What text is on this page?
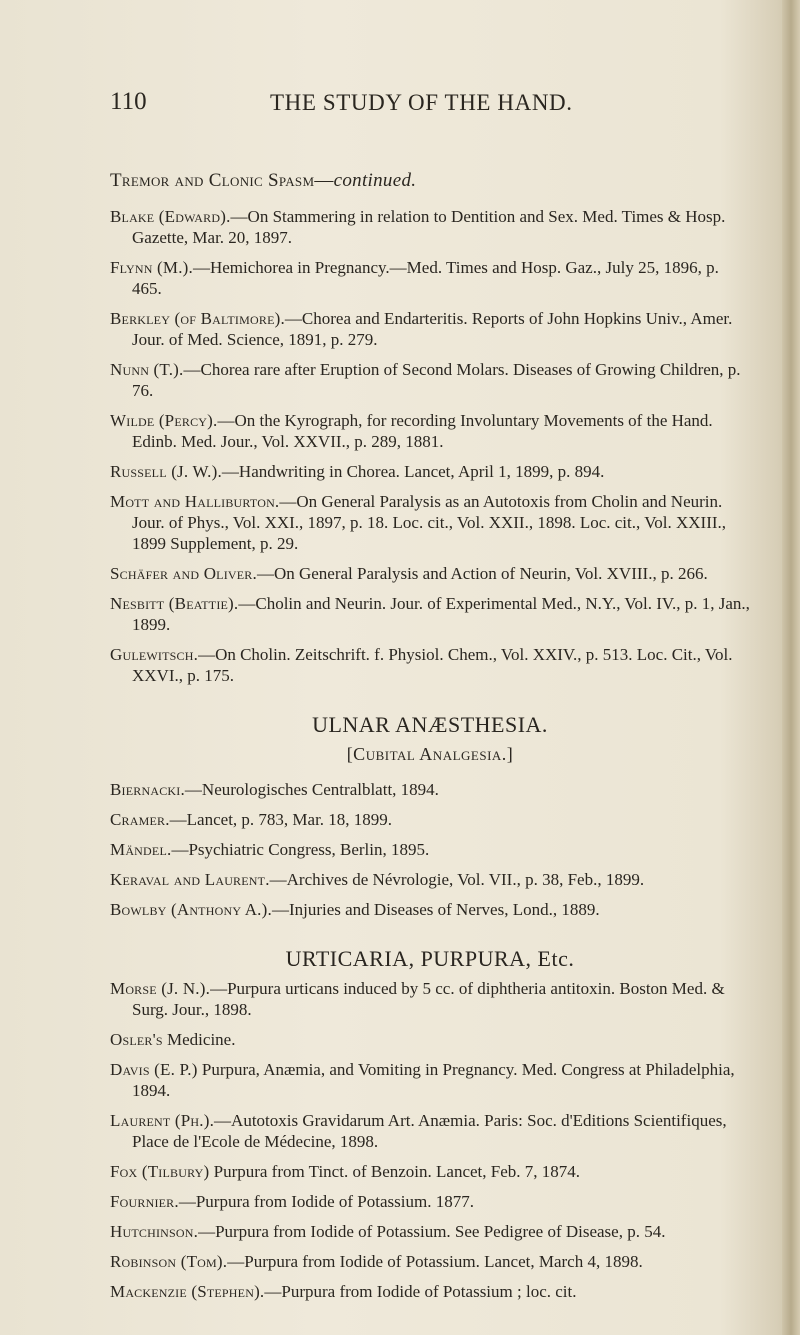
110	THE STUDY OF THE HAND.
Tremor and Clonic Spasm—continued.
Blake (Edward).—On Stammering in relation to Dentition and Sex. Med. Times & Hosp. Gazette, Mar. 20, 1897.
Flynn (M.).—Hemichorea in Pregnancy.—Med. Times and Hosp. Gaz., July 25, 1896, p. 465.
Berkley (of Baltimore).—Chorea and Endarteritis. Reports of John Hopkins Univ., Amer. Jour. of Med. Science, 1891, p. 279.
Nunn (T.).—Chorea rare after Eruption of Second Molars. Diseases of Growing Children, p. 76.
Wilde (Percy).—On the Kyrograph, for recording Involuntary Movements of the Hand. Edinb. Med. Jour., Vol. XXVII., p. 289, 1881.
Russell (J. W.).—Handwriting in Chorea. Lancet, April 1, 1899, p. 894.
Mott and Halliburton.—On General Paralysis as an Autotoxis from Cholin and Neurin. Jour. of Phys., Vol. XXI., 1897, p. 18. Loc. cit., Vol. XXII., 1898. Loc. cit., Vol. XXIII., 1899 Supplement, p. 29.
Schäfer and Oliver.—On General Paralysis and Action of Neurin, Vol. XVIII., p. 266.
Nesbitt (Beattie).—Cholin and Neurin. Jour. of Experimental Med., N.Y., Vol. IV., p. 1, Jan., 1899.
Gulewitsch.—On Cholin. Zeitschrift. f. Physiol. Chem., Vol. XXIV., p. 513. Loc. Cit., Vol. XXVI., p. 175.
ULNAR ANÆSTHESIA.
[Cubital Analgesia.]
Biernacki.—Neurologisches Centralblatt, 1894.
Cramer.—Lancet, p. 783, Mar. 18, 1899.
Mändel.—Psychiatric Congress, Berlin, 1895.
Keraval and Laurent.—Archives de Névrologie, Vol. VII., p. 38, Feb., 1899.
Bowlby (Anthony A.).—Injuries and Diseases of Nerves, Lond., 1889.
URTICARIA, PURPURA, Etc.
Morse (J. N.).—Purpura urticans induced by 5 cc. of diphtheria antitoxin. Boston Med. & Surg. Jour., 1898.
Osler's Medicine.
Davis (E. P.) Purpura, Anæmia, and Vomiting in Pregnancy. Med. Congress at Philadelphia, 1894.
Laurent (Ph.).—Autotoxis Gravidarum Art. Anæmia. Paris: Soc. d'Editions Scientifiques, Place de l'Ecole de Médecine, 1898.
Fox (Tilbury) Purpura from Tinct. of Benzoin. Lancet, Feb. 7, 1874.
Fournier.—Purpura from Iodide of Potassium. 1877.
Hutchinson.—Purpura from Iodide of Potassium. See Pedigree of Disease, p. 54.
Robinson (Tom).—Purpura from Iodide of Potassium. Lancet, March 4, 1898.
Mackenzie (Stephen).—Purpura from Iodide of Potassium ; loc. cit.
